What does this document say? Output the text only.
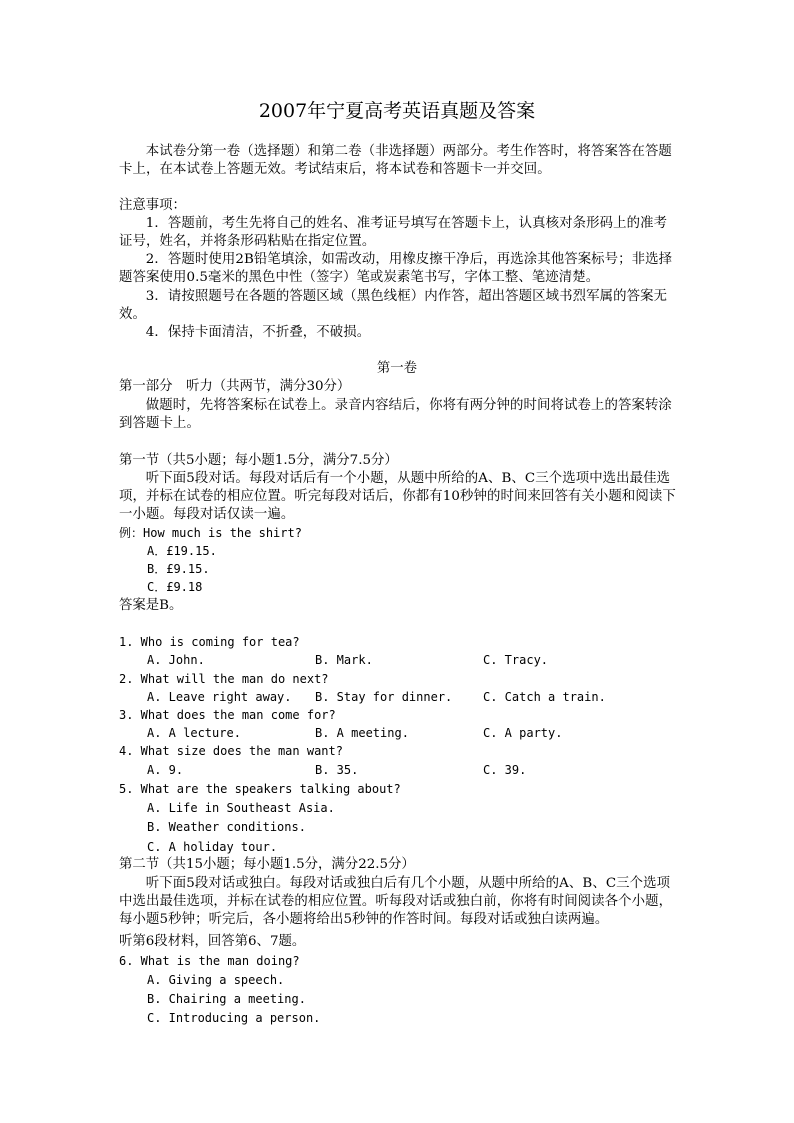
2007年宁夏高考英语真题及答案
本试卷分第一卷（选择题）和第二卷（非选择题）两部分。考生作答时，将答案答在答题卡上，在本试卷上答题无效。考试结束后，将本试卷和答题卡一并交回。
注意事项：
1．答题前，考生先将自己的姓名、准考证号填写在答题卡上，认真核对条形码上的准考证号，姓名，并将条形码粘贴在指定位置。
2．答题时使用2B铅笔填涂，如需改动，用橡皮擦干净后，再选涂其他答案标号；非选择题答案使用0.5毫米的黑色中性（签字）笔或炭素笔书写，字体工整、笔迹清楚。
3．请按照题号在各题的答题区域（黑色线框）内作答，超出答题区域书烈军属的答案无效。
4．保持卡面清洁，不折叠，不破损。
第一卷
第一部分　听力（共两节，满分30分）
做题时，先将答案标在试卷上。录音内容结后，你将有两分钟的时间将试卷上的答案转涂到答题卡上。
第一节（共5小题；每小题1.5分，满分7.5分）
听下面5段对话。每段对话后有一个小题，从题中所给的A、B、C三个选项中选出最佳选项，并标在试卷的相应位置。听完每段对话后，你都有10秒钟的时间来回答有关小题和阅读下一小题。每段对话仅读一遍。
例：How much is the shirt?
A．£19.15.
B．£9.15.
C．£9.18
答案是B。
1. Who is coming for tea?
A. John.	B. Mark.	C. Tracy.
2. What will the man do next?
A. Leave right away. B. Stay for dinner.	C. Catch a train.
3. What does the man come for?
A. A lecture.	B. A meeting.	C. A party.
4. What size does the man want?
A. 9.	B. 35.	C. 39.
5. What are the speakers talking about?
A. Life in Southeast Asia.
B. Weather conditions.
C. A holiday tour.
第二节（共15小题；每小题1.5分，满分22.5分）
听下面5段对话或独白。每段对话或独白后有几个小题，从题中所给的A、B、C三个选项中选出最佳选项，并标在试卷的相应位置。听每段对话或独白前，你将有时间阅读各个小题，每小题5秒钟；听完后，各小题将给出5秒钟的作答时间。每段对话或独白读两遍。
听第6段材料，回答第6、7题。
6. What is the man doing?
A. Giving a speech.
B. Chairing a meeting.
C. Introducing a person.
